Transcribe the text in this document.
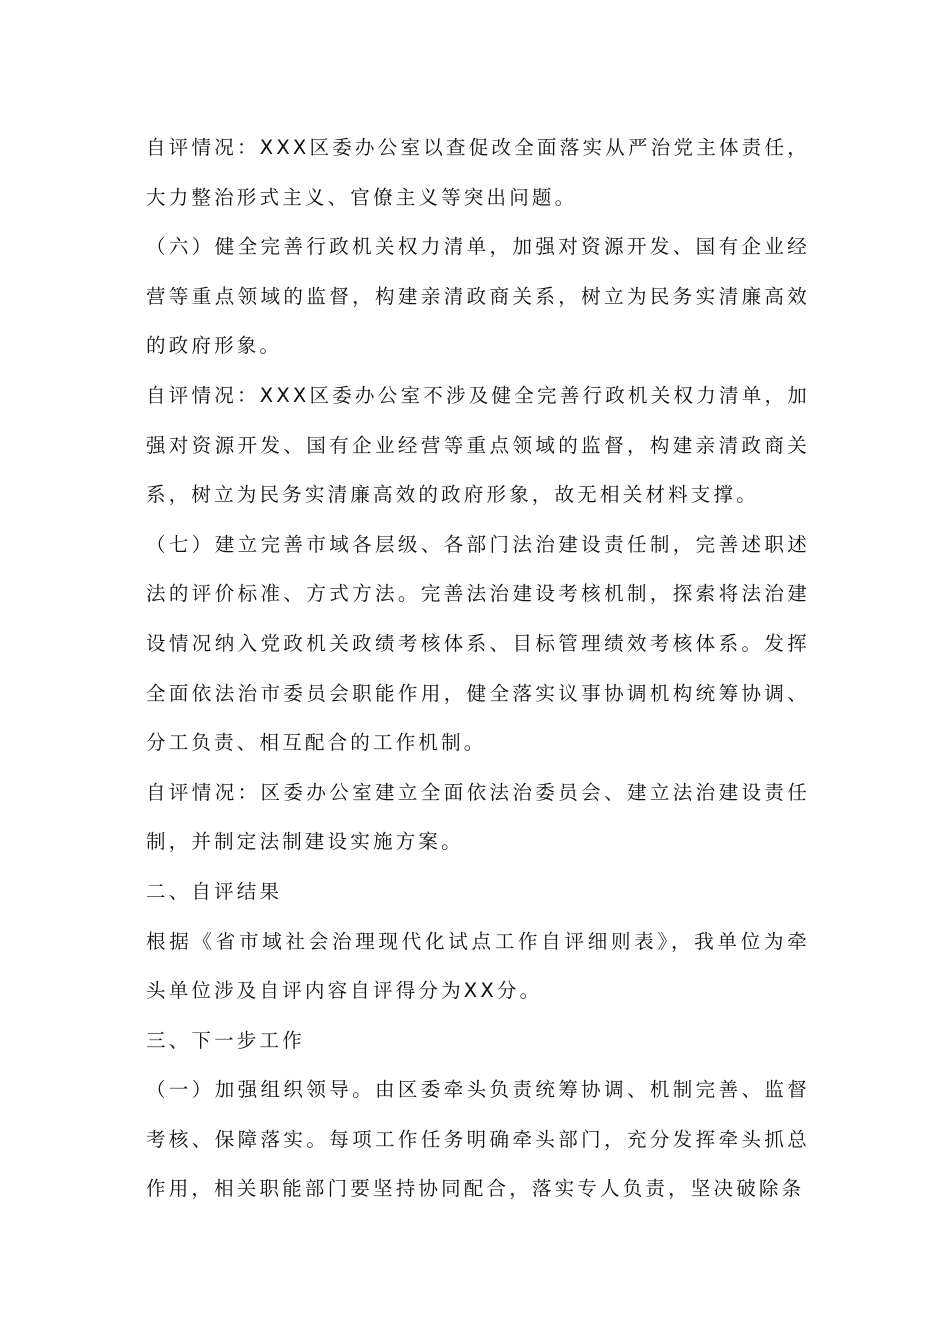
自评情况：XXX区委办公室以查促改全面落实从严治党主体责任，大力整治形式主义、官僚主义等突出问题。

（六）健全完善行政机关权力清单，加强对资源开发、国有企业经营等重点领域的监督，构建亲清政商关系，树立为民务实清廉高效的政府形象。

自评情况：XXX区委办公室不涉及健全完善行政机关权力清单，加强对资源开发、国有企业经营等重点领域的监督，构建亲清政商关系，树立为民务实清廉高效的政府形象，故无相关材料支撑。

（七）建立完善市域各层级、各部门法治建设责任制，完善述职述法的评价标准、方式方法。完善法治建设考核机制，探索将法治建设情况纳入党政机关政绩考核体系、目标管理绩效考核体系。发挥全面依法治市委员会职能作用，健全落实议事协调机构统筹协调、分工负责、相互配合的工作机制。

自评情况：区委办公室建立全面依法治委员会、建立法治建设责任制，并制定法制建设实施方案。

二、自评结果

根据《省市域社会治理现代化试点工作自评细则表》，我单位为牵头单位涉及自评内容自评得分为XX分。

三、下一步工作

（一）加强组织领导。由区委牵头负责统筹协调、机制完善、监督考核、保障落实。每项工作任务明确牵头部门，充分发挥牵头抓总作用，相关职能部门要坚持协同配合，落实专人负责，坚决破除条
